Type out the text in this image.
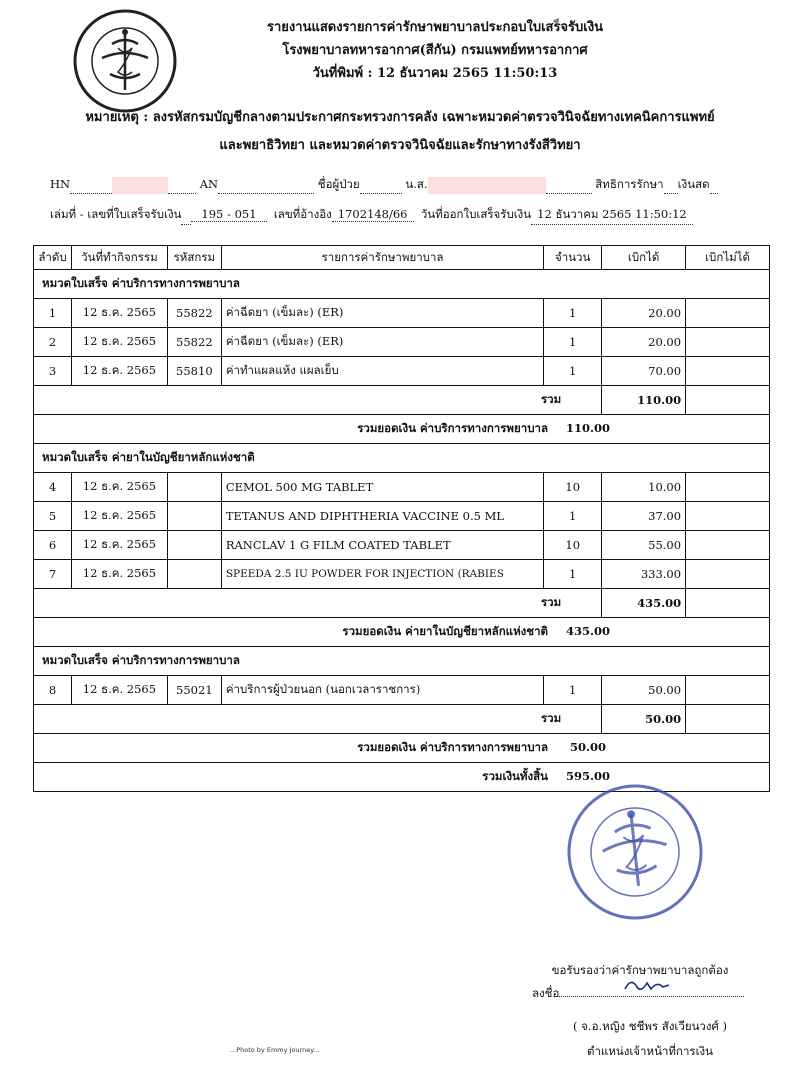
รายงานแสดงรายการค่ารักษาพยาบาลประกอบใบเสร็จรับเงิน
โรงพยาบาลทหารอากาศ(สีกัน) กรมแพทย์ทหารอากาศ
วันที่พิมพ์ : 12 ธันวาคม 2565 11:50:13
หมายเหตุ : ลงรหัสกรมบัญชีกลางตามประกาศกระทรวงการคลัง เฉพาะหมวดค่าตรวจวินิจฉัยทางเทคนิคการแพทย์
และพยาธิวิทยา และหมวดค่าตรวจวินิจฉัยและรักษาทางรังสีวิทยา
HN	AN	ชื่อผู้ป่วย	น.ส.	สิทธิการรักษา เงินสด
เล่มที่ - เลขที่ใบเสร็จรับเงิน 195 - 051 เลขที่อ้างอิง 1702148/66 วันที่ออกใบเสร็จรับเงิน 12 ธันวาคม 2565 11:50:12
ลำดับ	วันที่ทำกิจกรรม	รหัสกรม	รายการค่ารักษาพยาบาล	จำนวน	เบิกได้	เบิกไม่ได้
หมวดใบเสร็จ ค่าบริการทางการพยาบาล						
1	12 ธ.ค. 2565	55822	ค่าฉีดยา (เข็มละ) (ER)	1	20.00	
2	12 ธ.ค. 2565	55822	ค่าฉีดยา (เข็มละ) (ER)	1	20.00	
3	12 ธ.ค. 2565	55810	ค่าทำแผลแห้ง แผลเย็บ	1	70.00	
รวม					110.00	
รวมยอดเงิน ค่าบริการทางการพยาบาล 110.00						
หมวดใบเสร็จ ค่ายาในบัญชียาหลักแห่งชาติ						
4	12 ธ.ค. 2565		CEMOL 500 MG TABLET	10	10.00	
5	12 ธ.ค. 2565		TETANUS AND DIPHTHERIA VACCINE 0.5 ML	1	37.00	
6	12 ธ.ค. 2565		RANCLAV 1 G FILM COATED TABLET	10	55.00	
7	12 ธ.ค. 2565		SPEEDA 2.5 IU POWDER FOR INJECTION (RABIES	1	333.00	
รวม					435.00	
รวมยอดเงิน ค่ายาในบัญชียาหลักแห่งชาติ 435.00						
หมวดใบเสร็จ ค่าบริการทางการพยาบาล						
8	12 ธ.ค. 2565	55021	ค่าบริการผู้ป่วยนอก (นอกเวลาราชการ)	1	50.00	
รวม					50.00	
รวมยอดเงิน ค่าบริการทางการพยาบาล 50.00						
รวมเงินทั้งสิ้น 595.00						
ขอรับรองว่าค่ารักษาพยาบาลถูกต้อง
ลงชื่อ
( จ.อ.หญิง ชชีพร สังเวียนวงศ์ )
ตำแหน่งเจ้าหน้าที่การเงิน
...Photo by Emmy Journey...
